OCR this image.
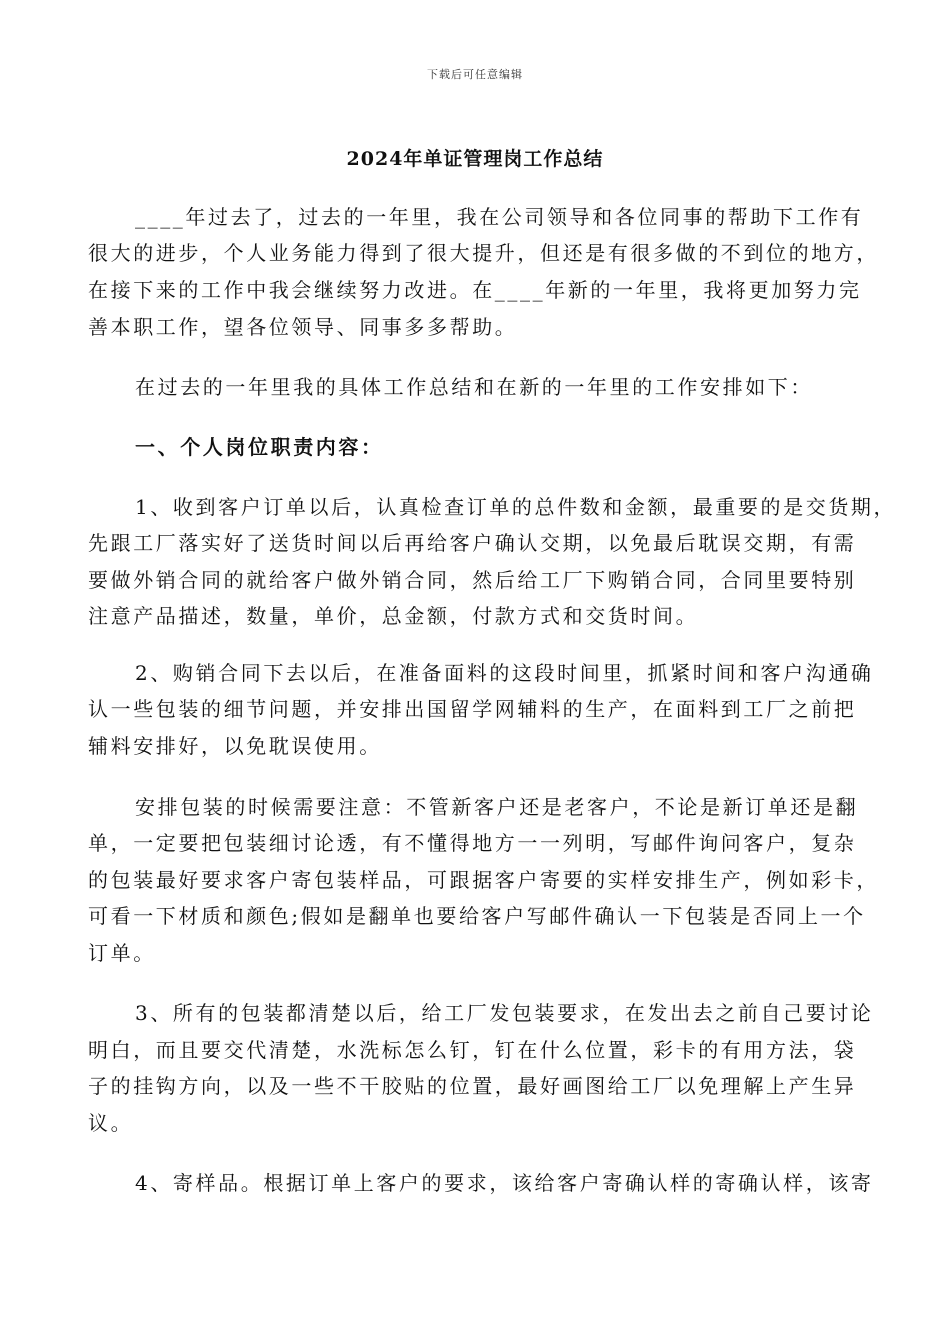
下载后可任意编辑
2024年单证管理岗工作总结
____年过去了，过去的一年里，我在公司领导和各位同事的帮助下工作有
很大的进步，个人业务能力得到了很大提升，但还是有很多做的不到位的地方，
在接下来的工作中我会继续努力改进。在____年新的一年里，我将更加努力完
善本职工作，望各位领导、同事多多帮助。
在过去的一年里我的具体工作总结和在新的一年里的工作安排如下：
一、个人岗位职责内容：
1、收到客户订单以后，认真检查订单的总件数和金额，最重要的是交货期，
先跟工厂落实好了送货时间以后再给客户确认交期，以免最后耽误交期，有需
要做外销合同的就给客户做外销合同，然后给工厂下购销合同，合同里要特别
注意产品描述，数量，单价，总金额，付款方式和交货时间。
2、购销合同下去以后，在准备面料的这段时间里，抓紧时间和客户沟通确
认一些包装的细节问题，并安排出国留学网辅料的生产，在面料到工厂之前把
辅料安排好，以免耽误使用。
安排包装的时候需要注意：不管新客户还是老客户，不论是新订单还是翻
单，一定要把包装细讨论透，有不懂得地方一一列明，写邮件询问客户，复杂
的包装最好要求客户寄包装样品，可跟据客户寄要的实样安排生产，例如彩卡，
可看一下材质和颜色;假如是翻单也要给客户写邮件确认一下包装是否同上一个
订单。
3、所有的包装都清楚以后，给工厂发包装要求，在发出去之前自己要讨论
明白，而且要交代清楚，水洗标怎么钉，钉在什么位置，彩卡的有用方法，袋
子的挂钩方向，以及一些不干胶贴的位置，最好画图给工厂以免理解上产生异
议。
4、寄样品。根据订单上客户的要求，该给客户寄确认样的寄确认样，该寄
